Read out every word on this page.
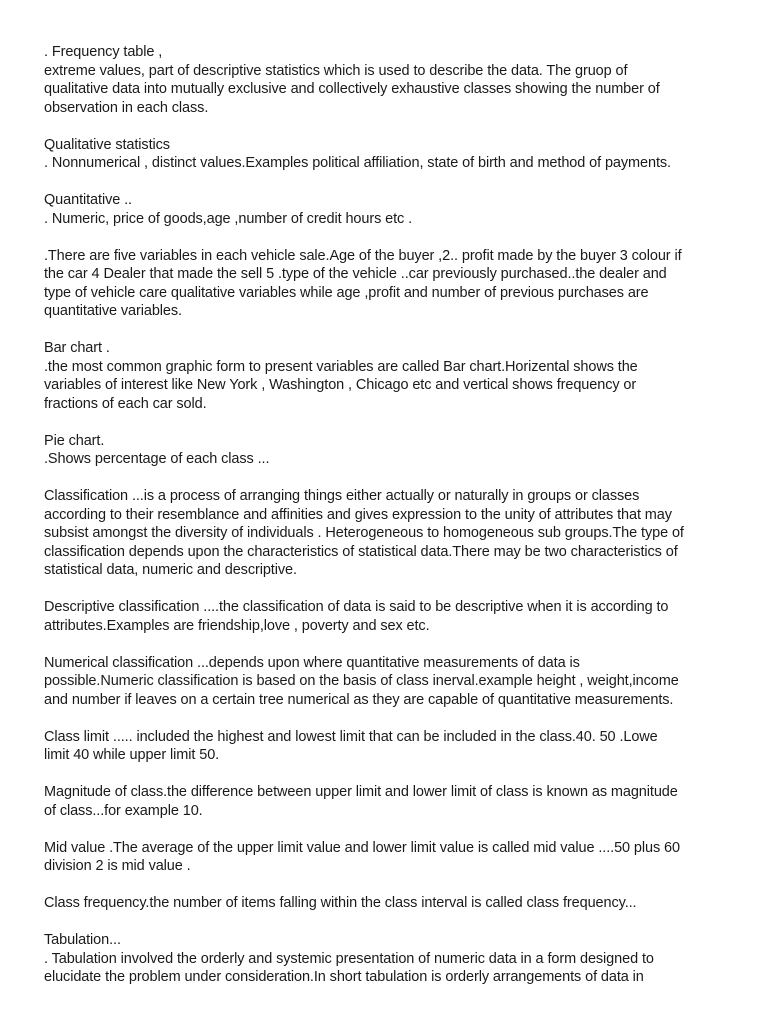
. Frequency table ,
extreme values, part of descriptive statistics which is used to describe the data. The gruop of
qualitative data into mutually exclusive and collectively exhaustive classes showing the number of
observation in each class.
Qualitative statistics
. Nonnumerical , distinct values.Examples political affiliation, state of birth and method of payments.
Quantitative ..
. Numeric, price of goods,age ,number of credit hours etc .
.There are five variables in each vehicle sale.Age of the buyer ,2.. profit made by the buyer 3 colour if
the car 4 Dealer that made the sell 5 .type of the vehicle ..car previously purchased..the dealer and
type of vehicle care qualitative variables while age ,profit and number of previous purchases are
quantitative variables.
Bar chart .
.the most common graphic form to present variables are called Bar chart.Horizental shows the
variables of interest like New York , Washington , Chicago etc and vertical shows frequency or
fractions of each car sold.
Pie chart.
.Shows percentage of each class ...
Classification ...is a process of arranging things either actually or naturally in groups or classes
according to their resemblance and affinities and gives expression to the unity of attributes that may
subsist amongst the diversity of individuals . Heterogeneous to homogeneous sub groups.The type of
classification depends upon the characteristics of statistical data.There may be two characteristics of
statistical data, numeric and descriptive.
Descriptive classification ....the classification of data is said to be descriptive when it is according to
attributes.Examples are friendship,love , poverty and sex etc.
Numerical classification ...depends upon where quantitative measurements of data is
possible.Numeric classification is based on the basis of class inerval.example height , weight,income
and number if leaves on a certain tree numerical as they are capable of quantitative measurements.
Class limit ..... included the highest and lowest limit that can be included in the class.40. 50 .Lowe
limit 40 while upper limit 50.
Magnitude of class.the difference between upper limit and lower limit of class is known as magnitude
of class...for example 10.
Mid value .The average of the upper limit value and lower limit value is called mid value ....50 plus 60
division 2 is mid value .
Class frequency.the number of items falling within the class interval is called class frequency...
Tabulation...
. Tabulation involved the orderly and systemic presentation of numeric data in a form designed to
elucidate the problem under consideration.In short tabulation is orderly arrangements of data in
